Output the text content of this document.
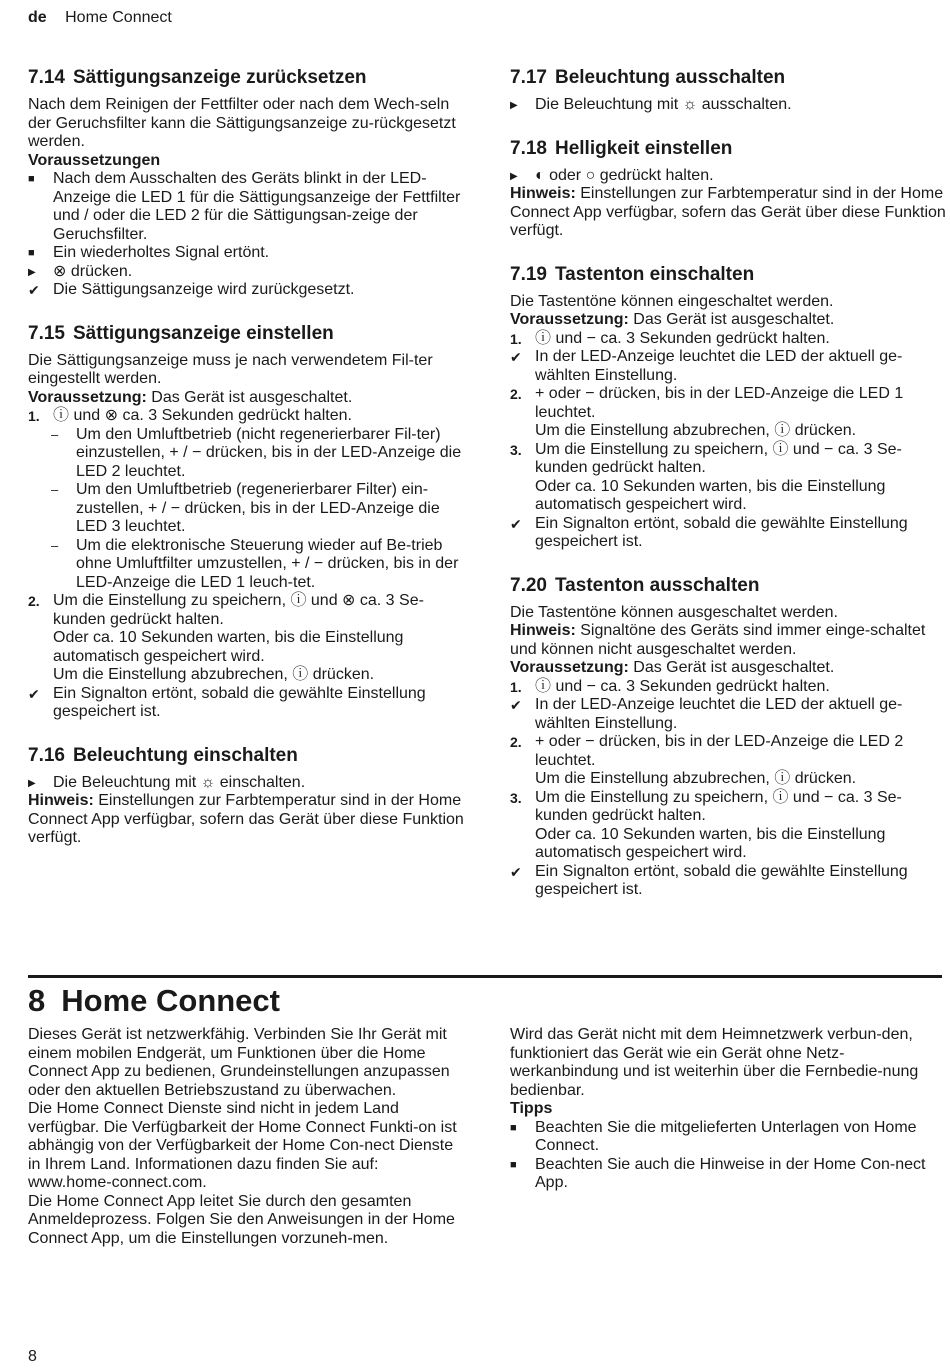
de Home Connect
7.14 Sättigungsanzeige zurücksetzen

Nach dem Reinigen der Fettfilter oder nach dem Wech-seln der Geruchsfilter kann die Sättigungsanzeige zu-rückgesetzt werden.

Voraussetzungen

■	Nach dem Ausschalten des Geräts blinkt in der LED-Anzeige die LED 1 für die Sättigungsanzeige der Fettfilter und / oder die LED 2 für die Sättigungsan-zeige der Geruchsfilter.
■	Ein wiederholtes Signal ertönt.
▶	⊗ drücken.
✔ Die Sättigungsanzeige wird zurückgesetzt.
7.15 Sättigungsanzeige einstellen

Die Sättigungsanzeige muss je nach verwendetem Fil-ter eingestellt werden.

Voraussetzung: Das Gerät ist ausgeschaltet.

1. ⓘ und ⊗ ca. 3 Sekunden gedrückt halten.
–	Um den Umluftbetrieb (nicht regenerierbarer Fil-ter) einzustellen, + / − drücken, bis in der LED-Anzeige die LED 2 leuchtet.
–	Um den Umluftbetrieb (regenerierbarer Filter) ein-zustellen, + / − drücken, bis in der LED-Anzeige die LED 3 leuchtet.
–	Um die elektronische Steuerung wieder auf Be-trieb ohne Umluftfilter umzustellen, + / − drücken, bis in der LED-Anzeige die LED 1 leuch-tet.
2. Um die Einstellung zu speichern, ⓘ und ⊗ ca. 3 Se-kunden gedrückt halten.
Oder ca. 10 Sekunden warten, bis die Einstellung automatisch gespeichert wird.
Um die Einstellung abzubrechen, ⓘ drücken.
✔ Ein Signalton ertönt, sobald die gewählte Einstellung gespeichert ist.
7.16 Beleuchtung einschalten
▶	Die Beleuchtung mit ☼ einschalten.

Hinweis: Einstellungen zur Farbtemperatur sind in der Home Connect App verfügbar, sofern das Gerät über diese Funktion verfügt.

7.17 Beleuchtung ausschalten
▶	Die Beleuchtung mit ☼ ausschalten.
7.18 Helligkeit einstellen
▶	◐ oder ○ gedrückt halten.

Hinweis: Einstellungen zur Farbtemperatur sind in der Home Connect App verfügbar, sofern das Gerät über diese Funktion verfügt.

7.19 Tastenton einschalten

Die Tastentöne können eingeschaltet werden.

Voraussetzung: Das Gerät ist ausgeschaltet.

1. ⓘ und − ca. 3 Sekunden gedrückt halten.
✔ In der LED-Anzeige leuchtet die LED der aktuell ge-wählten Einstellung.
2. + oder − drücken, bis in der LED-Anzeige die LED 1 leuchtet.
Um die Einstellung abzubrechen, ⓘ drücken.
3. Um die Einstellung zu speichern, ⓘ und − ca. 3 Se-kunden gedrückt halten.
Oder ca. 10 Sekunden warten, bis die Einstellung automatisch gespeichert wird.
✔ Ein Signalton ertönt, sobald die gewählte Einstellung gespeichert ist.
7.20 Tastenton ausschalten

Die Tastentöne können ausgeschaltet werden.

Hinweis: Signaltöne des Geräts sind immer einge-schaltet und können nicht ausgeschaltet werden.

Voraussetzung: Das Gerät ist ausgeschaltet.

1. ⓘ und − ca. 3 Sekunden gedrückt halten.
✔ In der LED-Anzeige leuchtet die LED der aktuell ge-wählten Einstellung.
2. + oder − drücken, bis in der LED-Anzeige die LED 2 leuchtet.
Um die Einstellung abzubrechen, ⓘ drücken.
3. Um die Einstellung zu speichern, ⓘ und − ca. 3 Se-kunden gedrückt halten.
Oder ca. 10 Sekunden warten, bis die Einstellung automatisch gespeichert wird.
✔ Ein Signalton ertönt, sobald die gewählte Einstellung gespeichert ist.
8 Home Connect

Dieses Gerät ist netzwerkfähig. Verbinden Sie Ihr Gerät mit einem mobilen Endgerät, um Funktionen über die Home Connect App zu bedienen, Grundeinstellungen anzupassen oder den aktuellen Betriebszustand zu überwachen.

Die Home Connect Dienste sind nicht in jedem Land verfügbar. Die Verfügbarkeit der Home Connect Funkti-on ist abhängig von der Verfügbarkeit der Home Con-nect Dienste in Ihrem Land. Informationen dazu finden Sie auf: www.home-connect.com.

Die Home Connect App leitet Sie durch den gesamten Anmeldeprozess. Folgen Sie den Anweisungen in der Home Connect App, um die Einstellungen vorzuneh-men.

Wird das Gerät nicht mit dem Heimnetzwerk verbun-den, funktioniert das Gerät wie ein Gerät ohne Netz-werkanbindung und ist weiterhin über die Fernbedie-nung bedienbar.

Tipps

■	Beachten Sie die mitgelieferten Unterlagen von Home Connect.
■	Beachten Sie auch die Hinweise in der Home Con-nect App.
8
